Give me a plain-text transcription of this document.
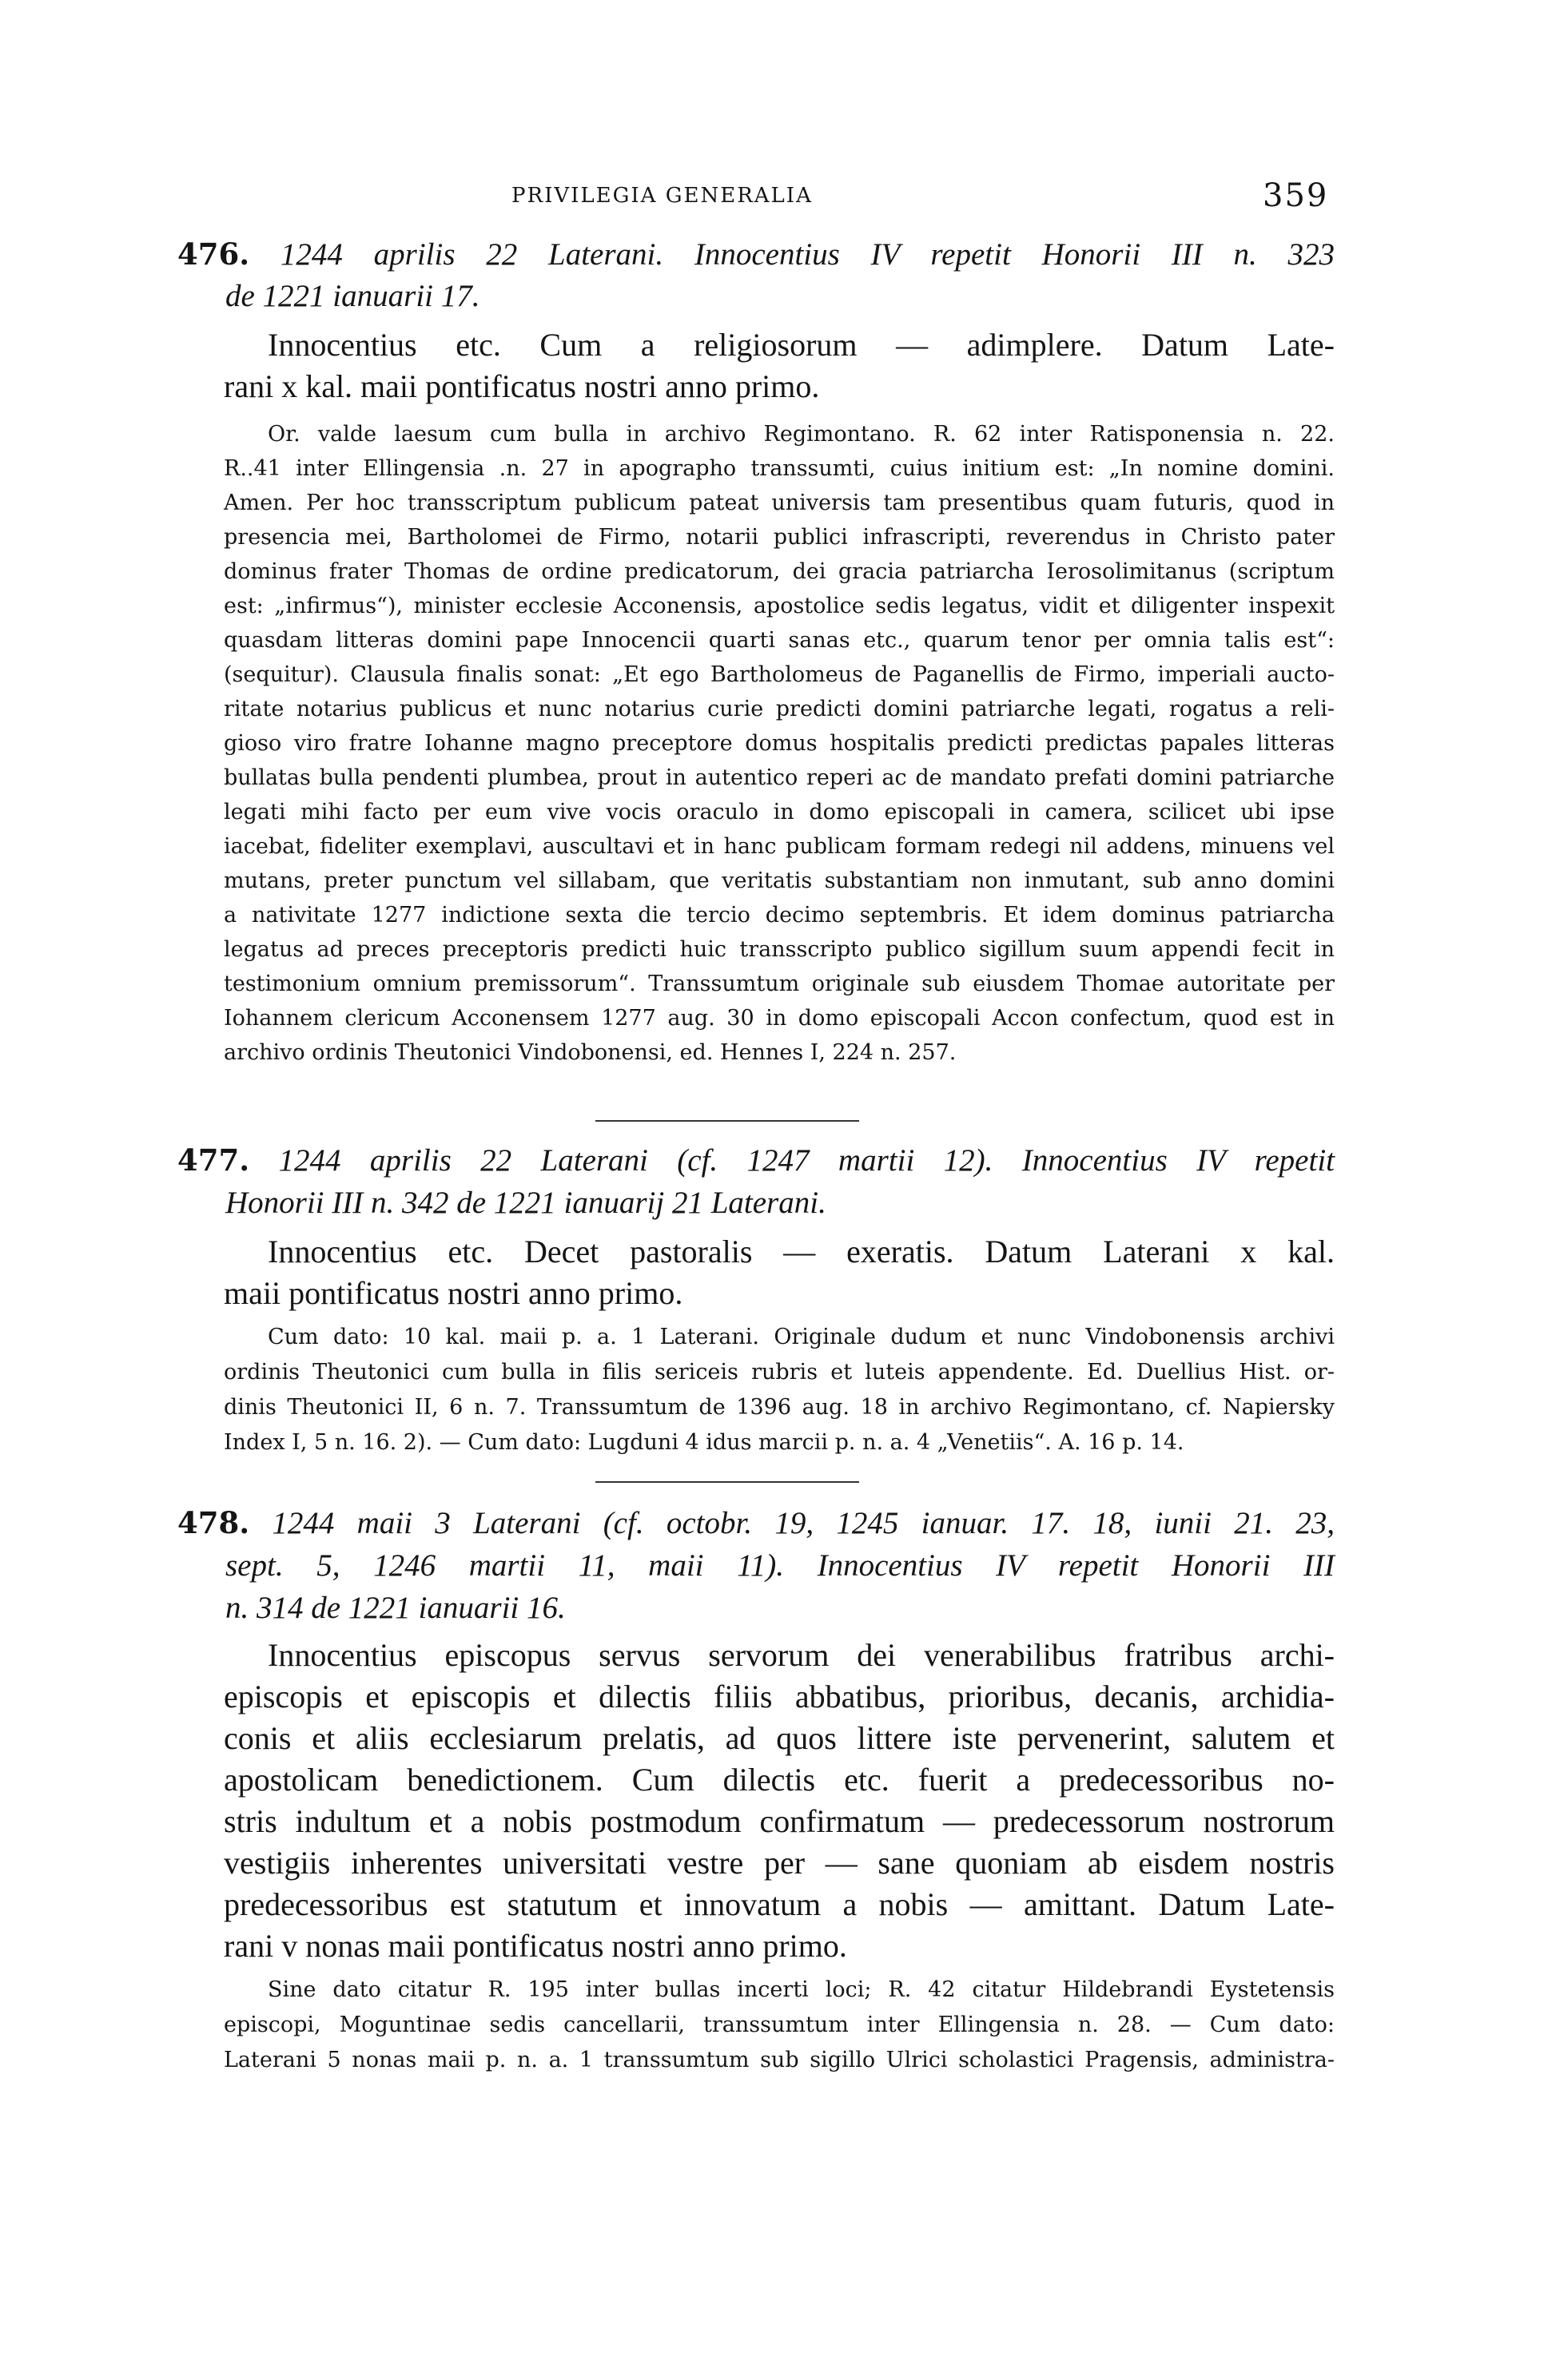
PRIVILEGIA GENERALIA	359
476. 1244 aprilis 22 Laterani. Innocentius IV repetit Honorii III n. 323
de 1221 ianuarii 17.
Innocentius etc. Cum a religiosorum — adimplere. Datum Late-
rani x kal. maii pontificatus nostri anno primo.
Or. valde laesum cum bulla in archivo Regimontano. R. 62 inter Ratisponensia n. 22.
R..41 inter Ellingensia .n. 27 in apographo transsumti, cuius initium est: „In nomine domini.
Amen. Per hoc transscriptum publicum pateat universis tam presentibus quam futuris, quod in
presencia mei, Bartholomei de Firmo, notarii publici infrascripti, reverendus in Christo pater
dominus frater Thomas de ordine predicatorum, dei gracia patriarcha Ierosolimitanus (scriptum
est: „infirmus“), minister ecclesie Acconensis, apostolice sedis legatus, vidit et diligenter inspexit
quasdam litteras domini pape Innocencii quarti sanas etc., quarum tenor per omnia talis est“:
(sequitur). Clausula finalis sonat: „Et ego Bartholomeus de Paganellis de Firmo, imperiali aucto-
ritate notarius publicus et nunc notarius curie predicti domini patriarche legati, rogatus a reli-
gioso viro fratre Iohanne magno preceptore domus hospitalis predicti predictas papales litteras
bullatas bulla pendenti plumbea, prout in autentico reperi ac de mandato prefati domini patriarche
legati mihi facto per eum vive vocis oraculo in domo episcopali in camera, scilicet ubi ipse
iacebat, fideliter exemplavi, auscultavi et in hanc publicam formam redegi nil addens, minuens vel
mutans, preter punctum vel sillabam, que veritatis substantiam non inmutant, sub anno domini
a nativitate 1277 indictione sexta die tercio decimo septembris. Et idem dominus patriarcha
legatus ad preces preceptoris predicti huic transscripto publico sigillum suum appendi fecit in
testimonium omnium premissorum“. Transsumtum originale sub eiusdem Thomae autoritate per
Iohannem clericum Acconensem 1277 aug. 30 in domo episcopali Accon confectum, quod est in
archivo ordinis Theutonici Vindobonensi, ed. Hennes I, 224 n. 257.
477. 1244 aprilis 22 Laterani (cf. 1247 martii 12). Innocentius IV repetit
Honorii III n. 342 de 1221 ianuarij 21 Laterani.
Innocentius etc. Decet pastoralis — exeratis. Datum Laterani x kal.
maii pontificatus nostri anno primo.
Cum dato: 10 kal. maii p. a. 1 Laterani. Originale dudum et nunc Vindobonensis archivi
ordinis Theutonici cum bulla in filis sericeis rubris et luteis appendente. Ed. Duellius Hist. or-
dinis Theutonici II, 6 n. 7. Transsumtum de 1396 aug. 18 in archivo Regimontano, cf. Napiersky
Index I, 5 n. 16. 2). — Cum dato: Lugduni 4 idus marcii p. n. a. 4 „Venetiis“. A. 16 p. 14.
478. 1244 maii 3 Laterani (cf. octobr. 19, 1245 ianuar. 17. 18, iunii 21. 23,
sept. 5, 1246 martii 11, maii 11). Innocentius IV repetit Honorii III
n. 314 de 1221 ianuarii 16.
Innocentius episcopus servus servorum dei venerabilibus fratribus archi-
episcopis et episcopis et dilectis filiis abbatibus, prioribus, decanis, archidia-
conis et aliis ecclesiarum prelatis, ad quos littere iste pervenerint, salutem et
apostolicam benedictionem. Cum dilectis etc. fuerit a predecessoribus no-
stris indultum et a nobis postmodum confirmatum — predecessorum nostrorum
vestigiis inherentes universitati vestre per — sane quoniam ab eisdem nostris
predecessoribus est statutum et innovatum a nobis — amittant. Datum Late-
rani v nonas maii pontificatus nostri anno primo.
Sine dato citatur R. 195 inter bullas incerti loci; R. 42 citatur Hildebrandi Eystetensis
episcopi, Moguntinae sedis cancellarii, transsumtum inter Ellingensia n. 28. — Cum dato:
Laterani 5 nonas maii p. n. a. 1 transsumtum sub sigillo Ulrici scholastici Pragensis, administra-
